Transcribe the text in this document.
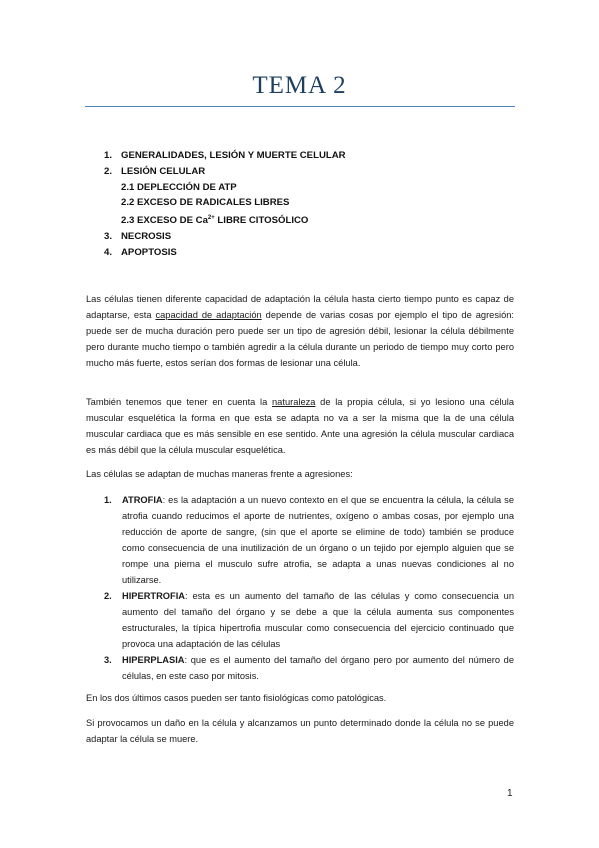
TEMA 2
1. GENERALIDADES, LESIÓN Y MUERTE CELULAR
2. LESIÓN CELULAR
2.1 DEPLECCIÓN DE ATP
2.2 EXCESO DE RADICALES LIBRES
2.3 EXCESO DE $Ca^{2+}$ LIBRE CITOSÓLICO
3. NECROSIS
4. APOPTOSIS
Las células tienen diferente capacidad de adaptación la célula hasta cierto tiempo punto es capaz de adaptarse, esta capacidad de adaptación depende de varias cosas por ejemplo el tipo de agresión: puede ser de mucha duración pero puede ser un tipo de agresión débil, lesionar la célula débilmente pero durante mucho tiempo o también agredir a la célula durante un periodo de tiempo muy corto pero mucho más fuerte, estos serían dos formas de lesionar una célula.
También tenemos que tener en cuenta la naturaleza de la propia célula, si yo lesiono una célula muscular esquelética la forma en que esta se adapta no va a ser la misma que la de una célula muscular cardiaca que es más sensible en ese sentido. Ante una agresión la célula muscular cardiaca es más débil que la célula muscular esquelética.
Las células se adaptan de muchas maneras frente a agresiones:
1. ATROFIA: es la adaptación a un nuevo contexto en el que se encuentra la célula, la célula se atrofia cuando reducimos el aporte de nutrientes, oxígeno o ambas cosas, por ejemplo una reducción de aporte de sangre, (sin que el aporte se elimine de todo) también se produce como consecuencia de una inutilización de un órgano o un tejido por ejemplo alguien que se rompe una pierna el musculo sufre atrofia, se adapta a unas nuevas condiciones al no utilizarse.
2. HIPERTROFIA: esta es un aumento del tamaño de las células y como consecuencia un aumento del tamaño del órgano y se debe a que la célula aumenta sus componentes estructurales, la típica hipertrofia muscular como consecuencia del ejercicio continuado que provoca una adaptación de las células
3. HIPERPLASIA: que es el aumento del tamaño del órgano pero por aumento del número de células, en este caso por mitosis.
En los dos últimos casos pueden ser tanto fisiológicas como patológicas.
Si provocamos un daño en la célula y alcanzamos un punto determinado donde la célula no se puede adaptar la célula se muere.
1
